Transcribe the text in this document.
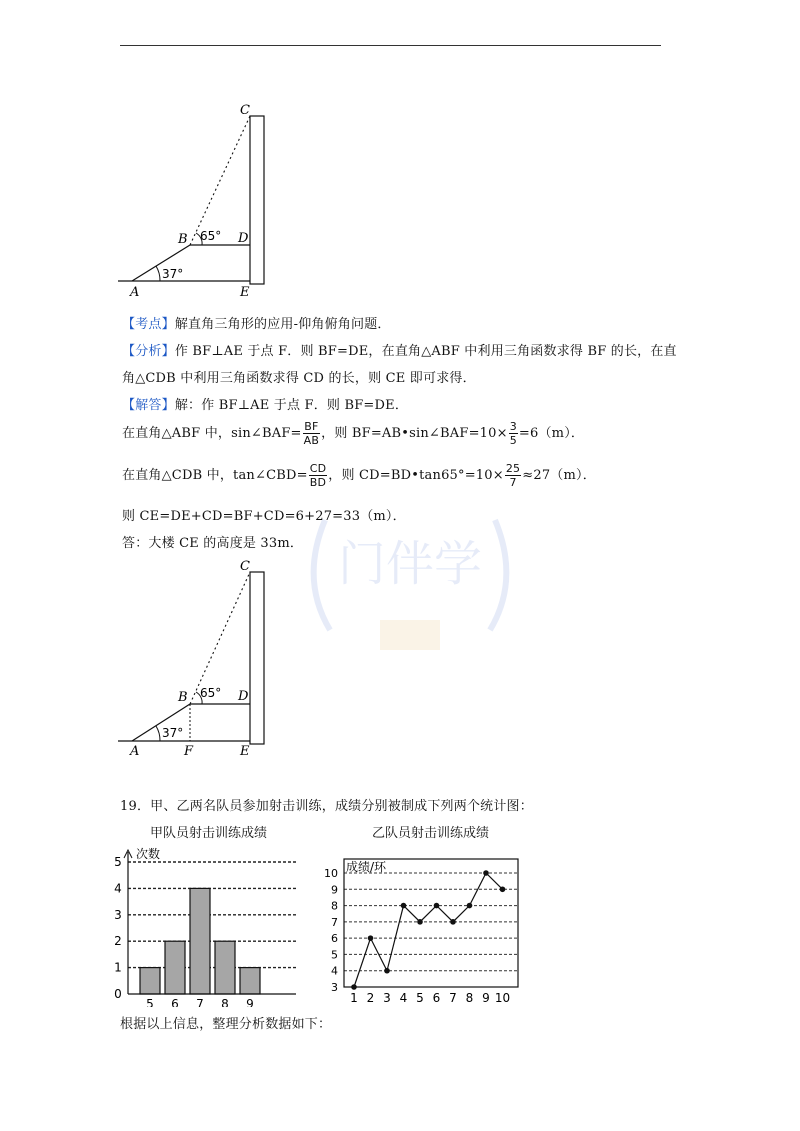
门伴学
C
B	D
A	E
37°
65°
【考点】解直角三角形的应用-仰角俯角问题．
【分析】作 BF⊥AE 于点 F．则 BF=DE，在直角△ABF 中利用三角函数求得 BF 的长，在直
角△CDB 中利用三角函数求得 CD 的长，则 CE 即可求得．
【解答】解：作 BF⊥AE 于点 F．则 BF=DE．
在直角△ABF 中，sin∠BAF= $\frac{BF}{AB}$ ，则 BF=AB•sin∠BAF=10× $\frac{3}{5} =6(m)$．
在直角△CDB 中，tan∠CBD= $\frac{CD}{BD}$ ，则 CD=BD•tan65°=10× $\frac{25}{7} \approx 27(m)$．
则 CE=DE+CD=BF+CD=6+27=33（m）．
答：大楼 CE 的高度是 33m．
C
B	D
A	F	E
37°
65°
19．甲、乙两名队员参加射击训练，成绩分别被制成下列两个统计图：
甲队员射击训练成绩
0
1
2
3
4
5
次数
5 6 7 8 9
乙队员射击训练成绩
3
4
5
6
7
8
9
10 成绩/环
1 2 3 4 5 6 7 8 9 10
根据以上信息，整理分析数据如下：
